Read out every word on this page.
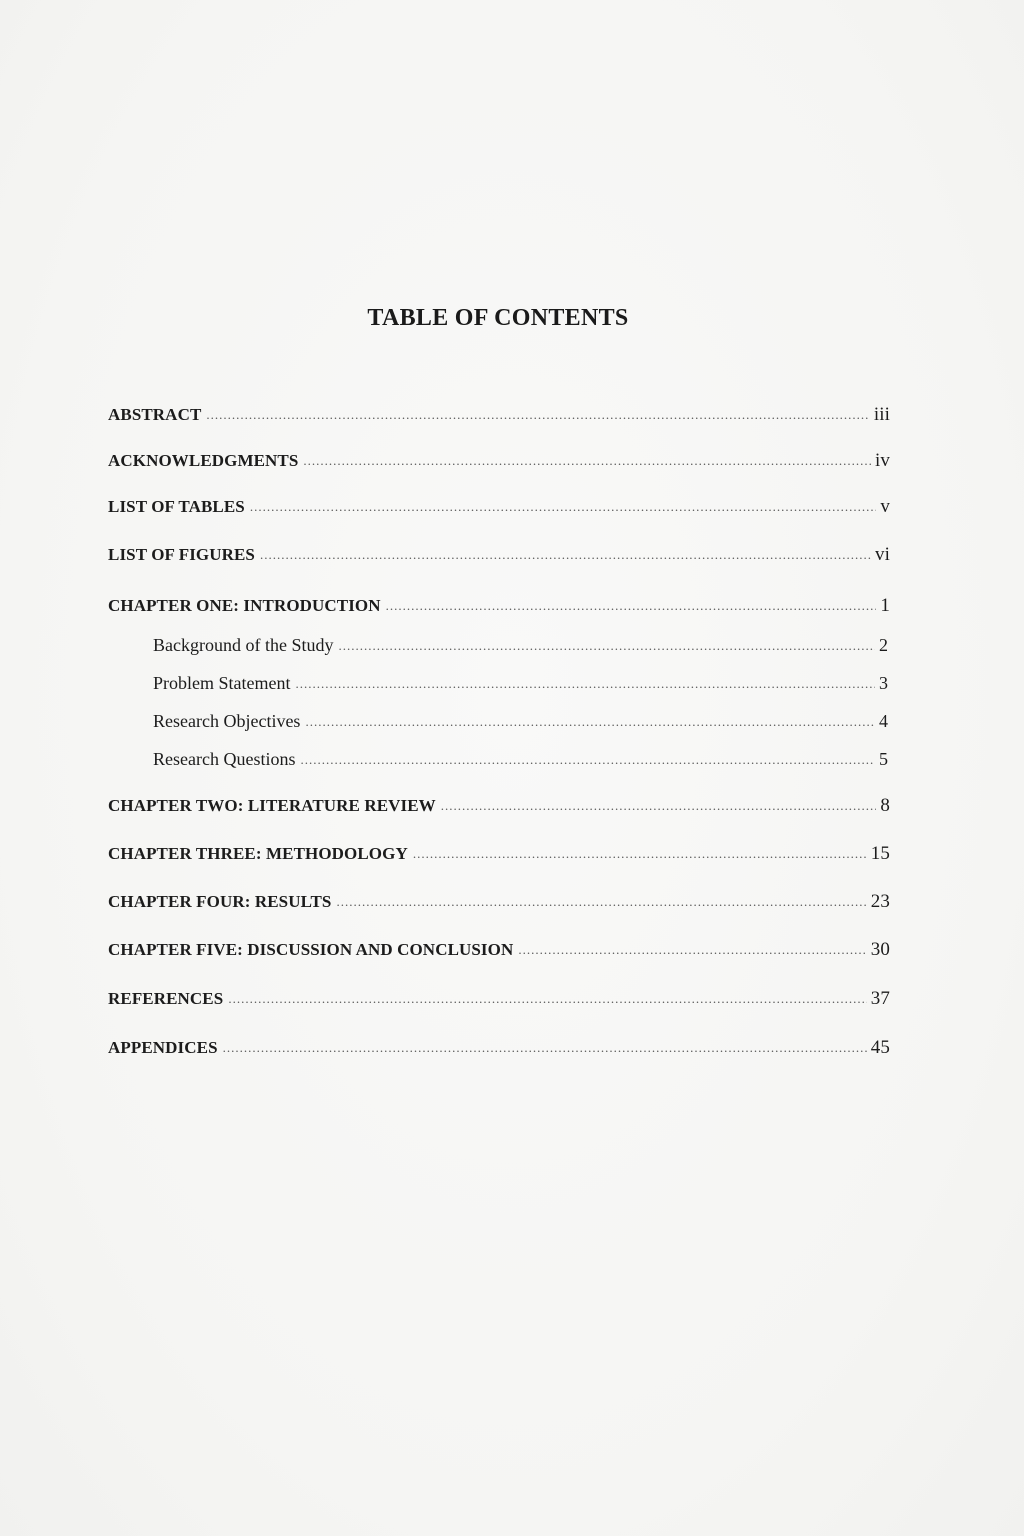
TABLE OF CONTENTS
ABSTRACT .....	iii
ACKNOWLEDGMENTS .....	iv
LIST OF TABLES .....	v
LIST OF FIGURES .....	vi
CHAPTER ONE: INTRODUCTION .....	1
Background of the Study .....	2
Problem Statement .....	3
Research Objectives .....	4
Research Questions .....	5
CHAPTER TWO: LITERATURE REVIEW .....	8
CHAPTER THREE: METHODOLOGY .....	15
CHAPTER FOUR: RESULTS .....	23
CHAPTER FIVE: DISCUSSION AND CONCLUSION .....	30
REFERENCES .....	37
APPENDICES .....	45
